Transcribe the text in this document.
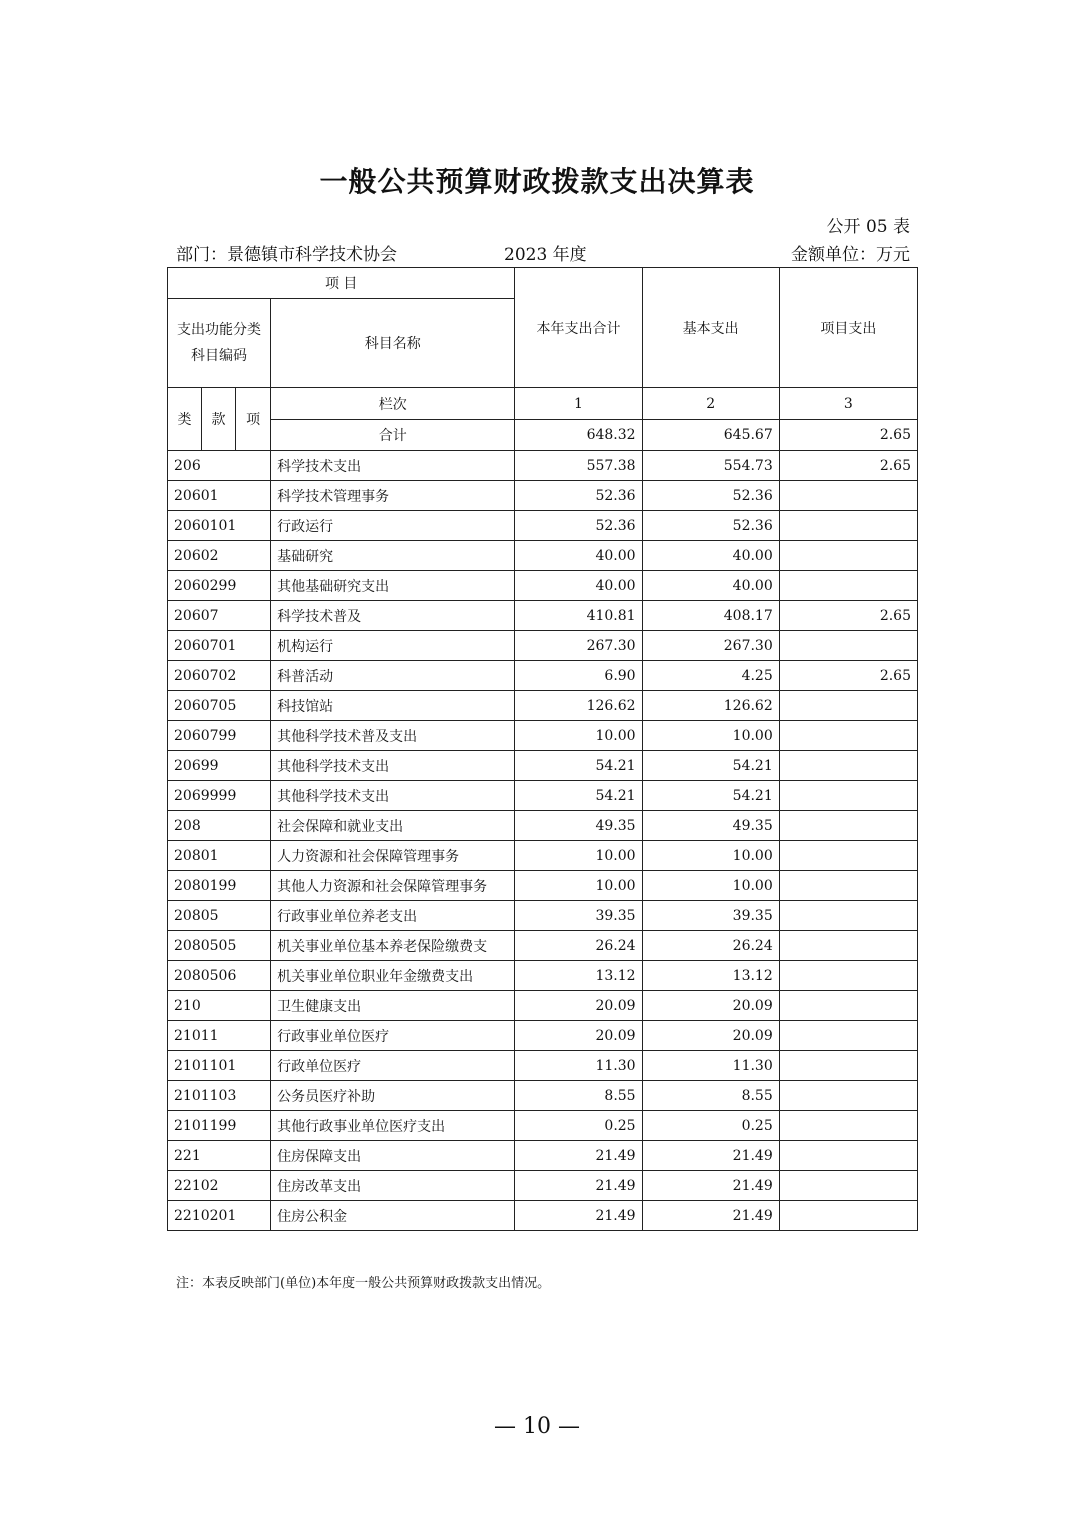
一般公共预算财政拨款支出决算表
公开 05 表
部门：景德镇市科学技术协会	2023 年度	金额单位：万元
项 目				本年支出合计	基本支出	项目支出

支出功能分类
科目编码			科目名称			
类	款	项	栏次	1	2	3
			合计	648.32	645.67	2.65
206			科学技术支出	557.38	554.73	2.65
20601			科学技术管理事务	52.36	52.36	
2060101			行政运行	52.36	52.36	
20602			基础研究	40.00	40.00	
2060299			其他基础研究支出	40.00	40.00	
20607			科学技术普及	410.81	408.17	2.65
2060701			机构运行	267.30	267.30	
2060702			科普活动	6.90	4.25	2.65
2060705			科技馆站	126.62	126.62	
2060799			其他科学技术普及支出	10.00	10.00	
20699			其他科学技术支出	54.21	54.21	
2069999			其他科学技术支出	54.21	54.21	
208			社会保障和就业支出	49.35	49.35	
20801			人力资源和社会保障管理事务	10.00	10.00	
2080199			其他人力资源和社会保障管理事务	10.00	10.00	
20805			行政事业单位养老支出	39.35	39.35	
2080505			机关事业单位基本养老保险缴费支	26.24	26.24	
2080506			机关事业单位职业年金缴费支出	13.12	13.12	
210			卫生健康支出	20.09	20.09	
21011			行政事业单位医疗	20.09	20.09	
2101101			行政单位医疗	11.30	11.30	
2101103			公务员医疗补助	8.55	8.55	
2101199			其他行政事业单位医疗支出	0.25	0.25	
221			住房保障支出	21.49	21.49	
22102			住房改革支出	21.49	21.49	
2210201			住房公积金	21.49	21.49	
注：本表反映部门(单位)本年度一般公共预算财政拨款支出情况。
— 10 —
